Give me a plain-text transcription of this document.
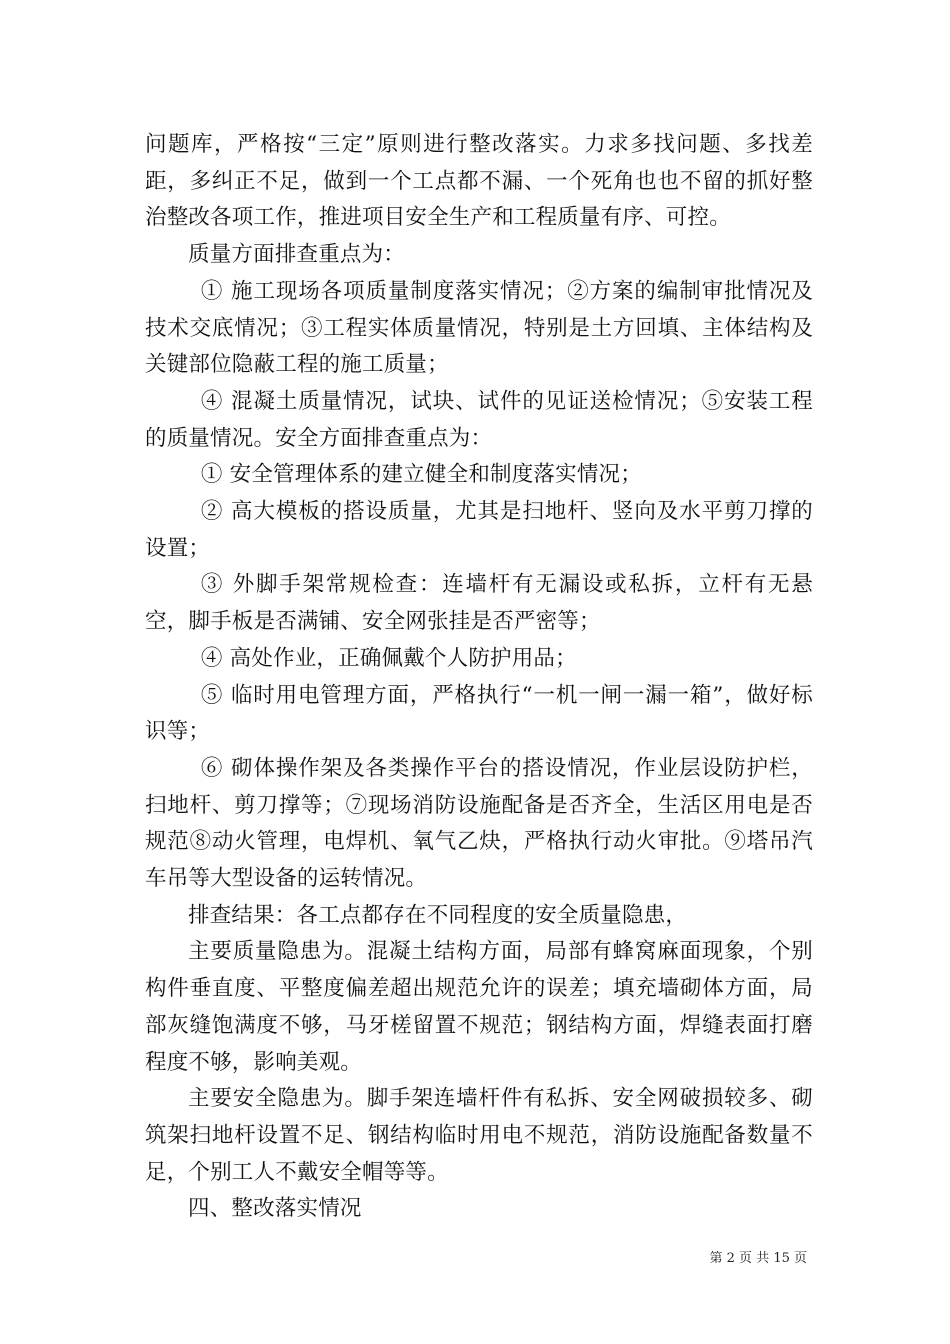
问题库，严格按“三定”原则进行整改落实。力求多找问题、多找差距，多纠正不足，做到一个工点都不漏、一个死角也也不留的抓好整治整改各项工作，推进项目安全生产和工程质量有序、可控。

质量方面排查重点为：

① 施工现场各项质量制度落实情况；②方案的编制审批情况及技术交底情况；③工程实体质量情况，特别是土方回填、主体结构及关键部位隐蔽工程的施工质量；

④ 混凝土质量情况，试块、试件的见证送检情况；⑤安装工程的质量情况。安全方面排查重点为：

① 安全管理体系的建立健全和制度落实情况；

② 高大模板的搭设质量，尤其是扫地杆、竖向及水平剪刀撑的设置；

③ 外脚手架常规检查：连墙杆有无漏设或私拆，立杆有无悬空，脚手板是否满铺、安全网张挂是否严密等；

④ 高处作业，正确佩戴个人防护用品；

⑤ 临时用电管理方面，严格执行“一机一闸一漏一箱”，做好标识等；

⑥ 砌体操作架及各类操作平台的搭设情况，作业层设防护栏，扫地杆、剪刀撑等；⑦现场消防设施配备是否齐全，生活区用电是否规范⑧动火管理，电焊机、氧气乙炔，严格执行动火审批。⑨塔吊汽车吊等大型设备的运转情况。

排查结果：各工点都存在不同程度的安全质量隐患，

主要质量隐患为。混凝土结构方面，局部有蜂窝麻面现象，个别构件垂直度、平整度偏差超出规范允许的误差；填充墙砌体方面，局部灰缝饱满度不够，马牙槎留置不规范；钢结构方面，焊缝表面打磨程度不够，影响美观。

主要安全隐患为。脚手架连墙杆件有私拆、安全网破损较多、砌筑架扫地杆设置不足、钢结构临时用电不规范，消防设施配备数量不足，个别工人不戴安全帽等等。

四、整改落实情况

第 2 页 共 15 页
